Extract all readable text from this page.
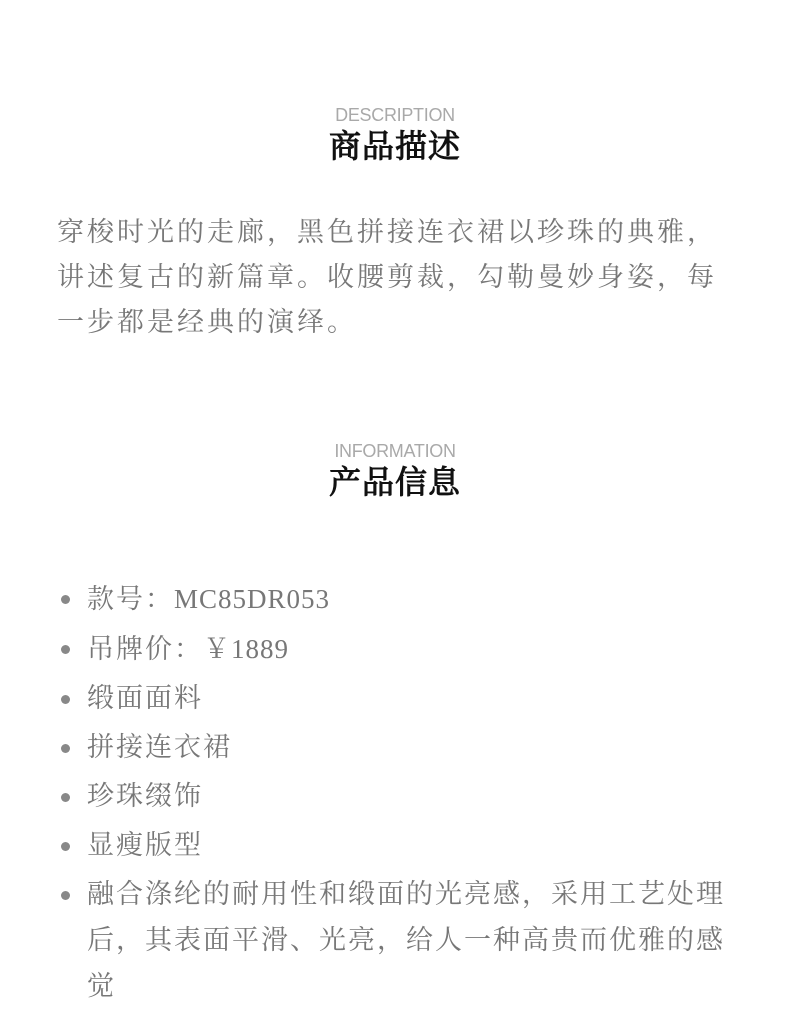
DESCRIPTION
商品描述

穿梭时光的走廊，黑色拼接连衣裙以珍珠的典雅，讲述复古的新篇章。收腰剪裁，勾勒曼妙身姿，每一步都是经典的演绎。

INFORMATION
产品信息
款号：MC85DR053
吊牌价：￥1889
缎面面料
拼接连衣裙
珍珠缀饰
显瘦版型
融合涤纶的耐用性和缎面的光亮感，采用工艺处理后，其表面平滑、光亮，给人一种高贵而优雅的感觉
